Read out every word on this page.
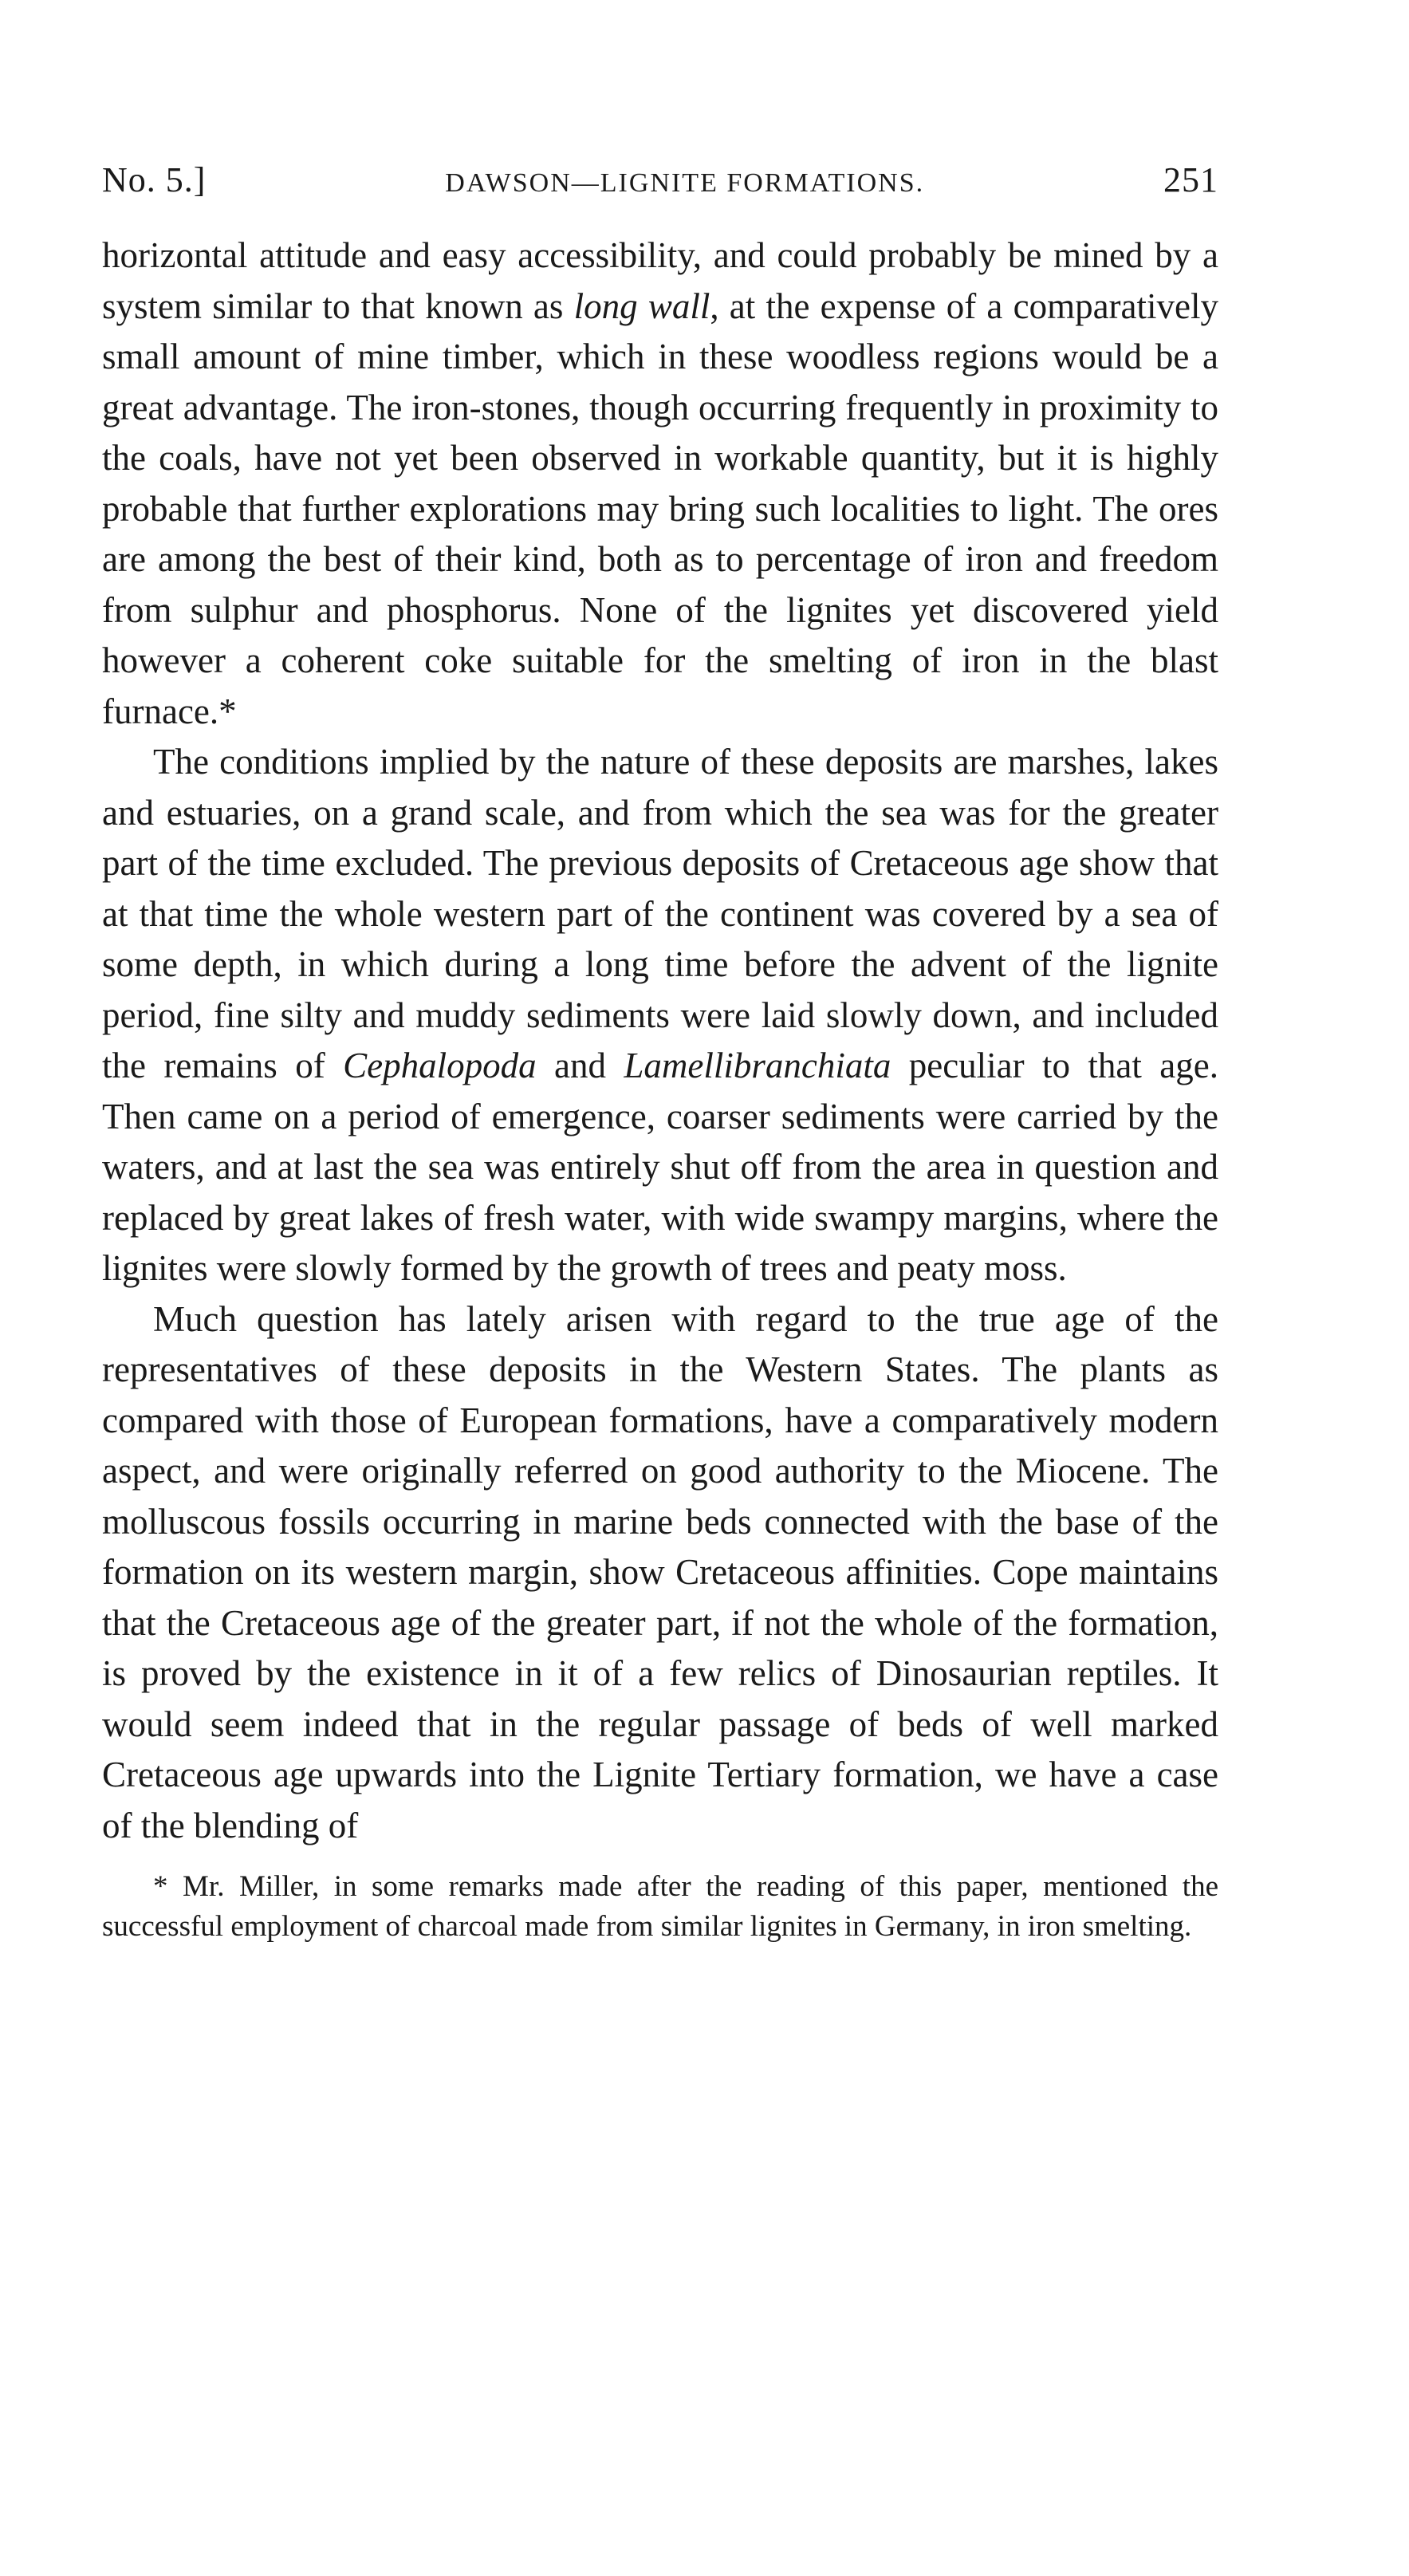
No. 5.]	DAWSON—LIGNITE FORMATIONS.	251

horizontal attitude and easy accessibility, and could probably be mined by a system similar to that known as long wall, at the expense of a comparatively small amount of mine timber, which in these woodless regions would be a great advantage. The iron-stones, though occurring frequently in proximity to the coals, have not yet been observed in workable quantity, but it is highly probable that further explorations may bring such localities to light. The ores are among the best of their kind, both as to percentage of iron and freedom from sulphur and phosphorus. None of the lignites yet discovered yield however a coherent coke suitable for the smelting of iron in the blast furnace.*

The conditions implied by the nature of these deposits are marshes, lakes and estuaries, on a grand scale, and from which the sea was for the greater part of the time excluded. The previous deposits of Cretaceous age show that at that time the whole western part of the continent was covered by a sea of some depth, in which during a long time before the advent of the lignite period, fine silty and muddy sediments were laid slowly down, and included the remains of Cephalopoda and Lamellibranchiata peculiar to that age. Then came on a period of emergence, coarser sediments were carried by the waters, and at last the sea was entirely shut off from the area in question and replaced by great lakes of fresh water, with wide swampy margins, where the lignites were slowly formed by the growth of trees and peaty moss.

Much question has lately arisen with regard to the true age of the representatives of these deposits in the Western States. The plants as compared with those of European formations, have a comparatively modern aspect, and were originally referred on good authority to the Miocene. The molluscous fossils occurring in marine beds connected with the base of the formation on its western margin, show Cretaceous affinities. Cope maintains that the Cretaceous age of the greater part, if not the whole of the formation, is proved by the existence in it of a few relics of Dinosaurian reptiles. It would seem indeed that in the regular passage of beds of well marked Cretaceous age upwards into the Lignite Tertiary formation, we have a case of the blending of

* Mr. Miller, in some remarks made after the reading of this paper, mentioned the successful employment of charcoal made from similar lignites in Germany, in iron smelting.
